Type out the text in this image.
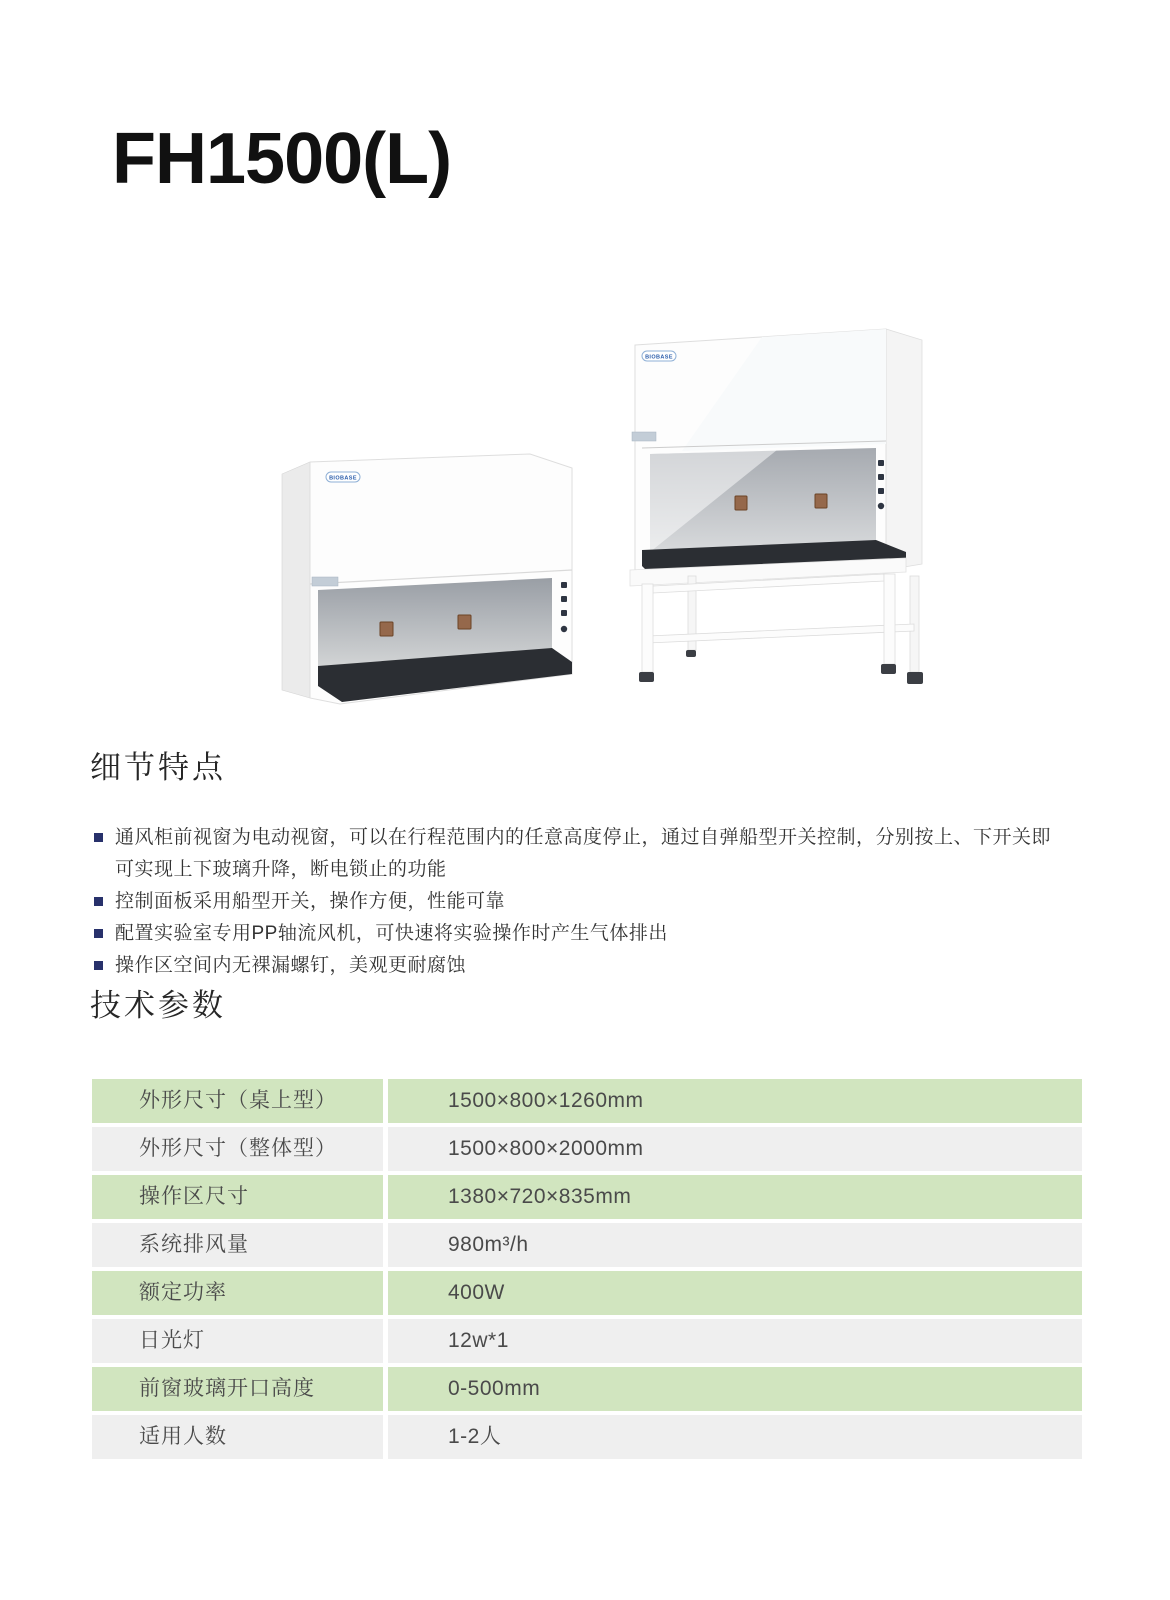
FH1500(L)
BIOBASE
BIOBASE
细节特点
通风柜前视窗为电动视窗，可以在行程范围内的任意高度停止，通过自弹船型开关控制，分别按上、下开关即可实现上下玻璃升降，断电锁止的功能
控制面板采用船型开关，操作方便，性能可靠
配置实验室专用PP轴流风机，可快速将实验操作时产生气体排出
操作区空间内无裸漏螺钉，美观更耐腐蚀
技术参数
外形尺寸（桌上型）	1500×800×1260mm
外形尺寸（整体型）	1500×800×2000mm
操作区尺寸	1380×720×835mm
系统排风量	980m³/h
额定功率	400W
日光灯	12w*1
前窗玻璃开口高度	0-500mm
适用人数	1-2人
